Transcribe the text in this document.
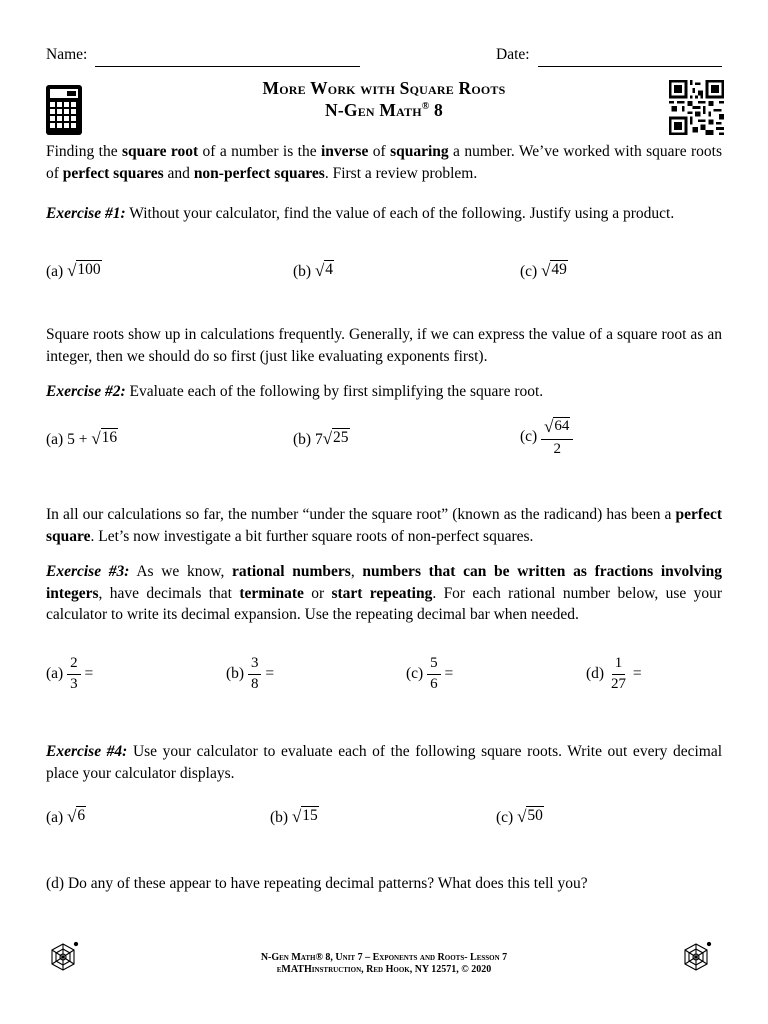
Name:	Date:
More Work with Square Roots
N-Gen Math® 8
Finding the square root of a number is the inverse of squaring a number. We’ve worked with square roots of perfect squares and non-perfect squares. First a review problem.
Exercise #1: Without your calculator, find the value of each of the following. Justify using a product.
(a) √ 100	(b) √ 4	(c) √ 49
Square roots show up in calculations frequently. Generally, if we can express the value of a square root as an integer, then we should do so first (just like evaluating exponents first).
Exercise #2: Evaluate each of the following by first simplifying the square root.
(a) 5 + √ 16	(b) 7 √ 25	$(c) \frac{√ 64}{2}$
In all our calculations so far, the number “under the square root” (known as the radicand) has been a perfect square. Let’s now investigate a bit further square roots of non-perfect squares.
Exercise #3: As we know, rational numbers, numbers that can be written as fractions involving integers, have decimals that terminate or start repeating. For each rational number below, use your calculator to write its decimal expansion. Use the repeating decimal bar when needed.
$(a) \frac{2}{3}$ =	$(b) \frac{3}{8}$ =	$(c) \frac{5}{6}$ =	$(d) \frac{1}{27}$ =
Exercise #4: Use your calculator to evaluate each of the following square roots. Write out every decimal place your calculator displays.
(a) √ 6	(b) √ 15	(c) √ 50
(d) Do any of these appear to have repeating decimal patterns? What does this tell you?
N-Gen Math® 8, Unit 7 – Exponents and Roots- Lesson 7
eMATHinstruction, Red Hook, NY 12571, © 2020
